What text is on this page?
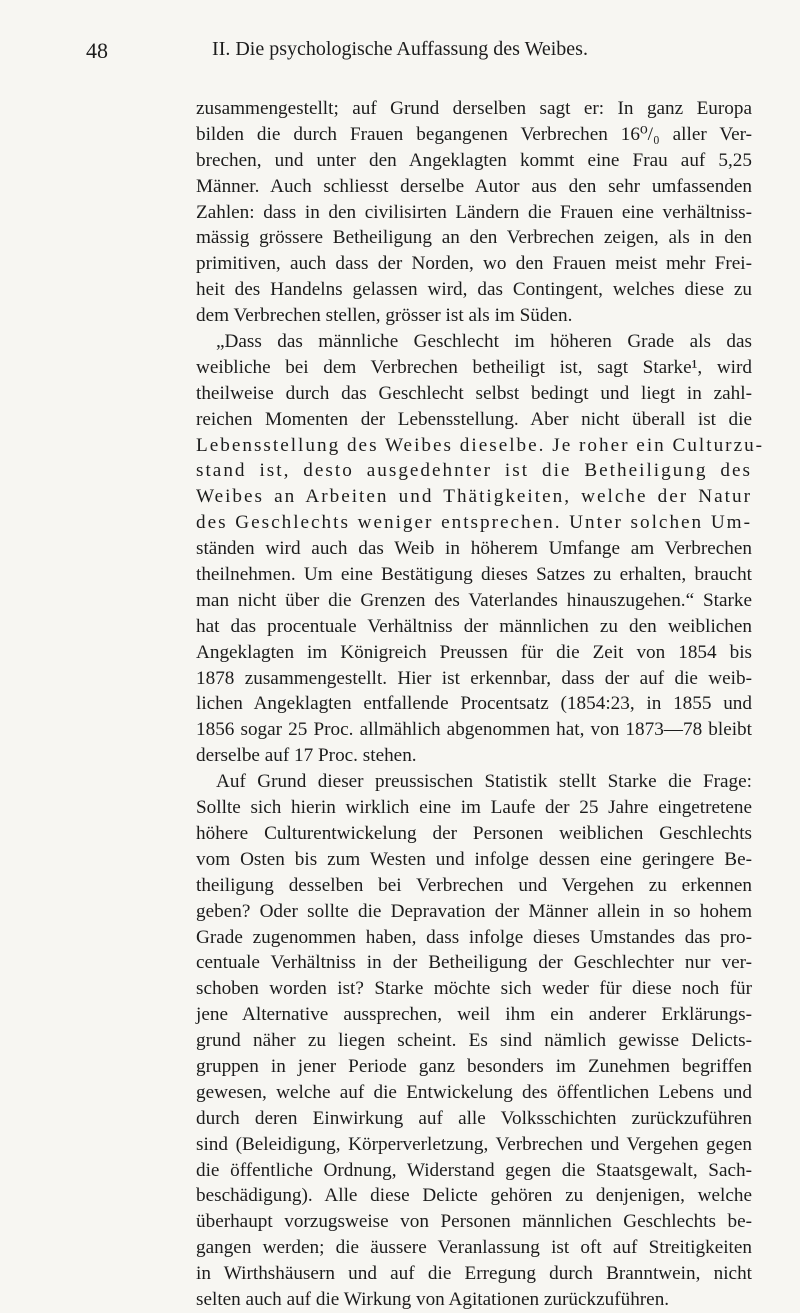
48	II. Die psychologische Auffassung des Weibes.
zusammengestellt; auf Grund derselben sagt er: In ganz Europa
bilden die durch Frauen begangenen Verbrechen 16⁰/₀ aller Ver-
brechen, und unter den Angeklagten kommt eine Frau auf 5,25
Männer. Auch schliesst derselbe Autor aus den sehr umfassenden
Zahlen: dass in den civilisirten Ländern die Frauen eine verhältniss-
mässig grössere Betheiligung an den Verbrechen zeigen, als in den
primitiven, auch dass der Norden, wo den Frauen meist mehr Frei-
heit des Handelns gelassen wird, das Contingent, welches diese zu
dem Verbrechen stellen, grösser ist als im Süden.
„Dass das männliche Geschlecht im höheren Grade als das
weibliche bei dem Verbrechen betheiligt ist, sagt Starke¹, wird
theilweise durch das Geschlecht selbst bedingt und liegt in zahl-
reichen Momenten der Lebensstellung. Aber nicht überall ist die
Lebensstellung des Weibes dieselbe. Je roher ein Culturzu-
stand ist, desto ausgedehnter ist die Betheiligung des
Weibes an Arbeiten und Thätigkeiten, welche der Natur
des Geschlechts weniger entsprechen. Unter solchen Um-
ständen wird auch das Weib in höherem Umfange am Verbrechen
theilnehmen. Um eine Bestätigung dieses Satzes zu erhalten, braucht
man nicht über die Grenzen des Vaterlandes hinauszugehen.“ Starke
hat das procentuale Verhältniss der männlichen zu den weiblichen
Angeklagten im Königreich Preussen für die Zeit von 1854 bis
1878 zusammengestellt. Hier ist erkennbar, dass der auf die weib-
lichen Angeklagten entfallende Procentsatz (1854:23, in 1855 und
1856 sogar 25 Proc. allmählich abgenommen hat, von 1873—78 bleibt
derselbe auf 17 Proc. stehen.
Auf Grund dieser preussischen Statistik stellt Starke die Frage:
Sollte sich hierin wirklich eine im Laufe der 25 Jahre eingetretene
höhere Culturentwickelung der Personen weiblichen Geschlechts
vom Osten bis zum Westen und infolge dessen eine geringere Be-
theiligung desselben bei Verbrechen und Vergehen zu erkennen
geben? Oder sollte die Depravation der Männer allein in so hohem
Grade zugenommen haben, dass infolge dieses Umstandes das pro-
centuale Verhältniss in der Betheiligung der Geschlechter nur ver-
schoben worden ist? Starke möchte sich weder für diese noch für
jene Alternative aussprechen, weil ihm ein anderer Erklärungs-
grund näher zu liegen scheint. Es sind nämlich gewisse Delicts-
gruppen in jener Periode ganz besonders im Zunehmen begriffen
gewesen, welche auf die Entwickelung des öffentlichen Lebens und
durch deren Einwirkung auf alle Volksschichten zurückzuführen
sind (Beleidigung, Körperverletzung, Verbrechen und Vergehen gegen
die öffentliche Ordnung, Widerstand gegen die Staatsgewalt, Sach-
beschädigung). Alle diese Delicte gehören zu denjenigen, welche
überhaupt vorzugsweise von Personen männlichen Geschlechts be-
gangen werden; die äussere Veranlassung ist oft auf Streitigkeiten
in Wirthshäusern und auf die Erregung durch Branntwein, nicht
selten auch auf die Wirkung von Agitationen zurückzuführen.
